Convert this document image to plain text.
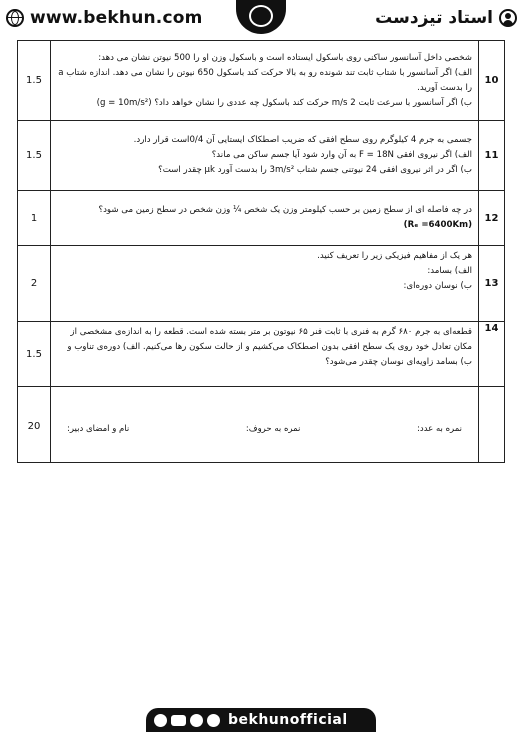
www.bekhun.com	استاد تیزدست
1.5	شخصی داخل آسانسور ساکنی روی باسکول ایستاده است و باسکول وزن او را 500 نیوتن نشان می دهد:

الف) اگر آسانسور با شتاب ثابت تند شونده رو به بالا حرکت کند باسکول 650 نیوتن را نشان می دهد. اندازه شتاب a را بدست آورید.

ب) اگر آسانسور با سرعت ثابت 2 m/s حرکت کند باسکول چه عددی را نشان خواهد داد؟ (g = 10m/s²)	10
1.5	جسمی به جرم 4 کیلوگرم روی سطح افقی که ضریب اصطکاک ایستایی آن 0/4است قرار دارد.

الف) اگر نیروی افقی F = 18N به آن وارد شود آیا جسم ساکن می ماند؟

ب) اگر در اثر نیروی افقی 24 نیوتنی جسم شتاب 3m/s² را بدست آورد μk چقدر است؟	11
1	در چه فاصله ای از سطح زمین بر حسب کیلومتر وزن یک شخص ¼ وزن شخص در سطح زمین می شود؟

(Rₑ =6400Km)	12
2	هر یک از مفاهیم فیزیکی زیر را تعریف کنید.

الف) بسامد:

ب) نوسان دوره‌ای:	13
1.5	قطعه‌ای به جرم ۶۸۰ گرم به فنری با ثابت فنر ۶۵ نیوتون بر متر بسته شده است. قطعه را به اندازه‌ی مشخصی از مکان تعادل خود روی یک سطح افقی بدون اصطکاک می‌کشیم و از حالت سکون رها می‌کنیم. الف) دوره‌ی تناوب و ب) بسامد زاویه‌ای نوسان چقدر می‌شود؟	14
20	نمره به عدد:
نمره به حروف:
نام و امضای دبیر:	

bekhunofficial
